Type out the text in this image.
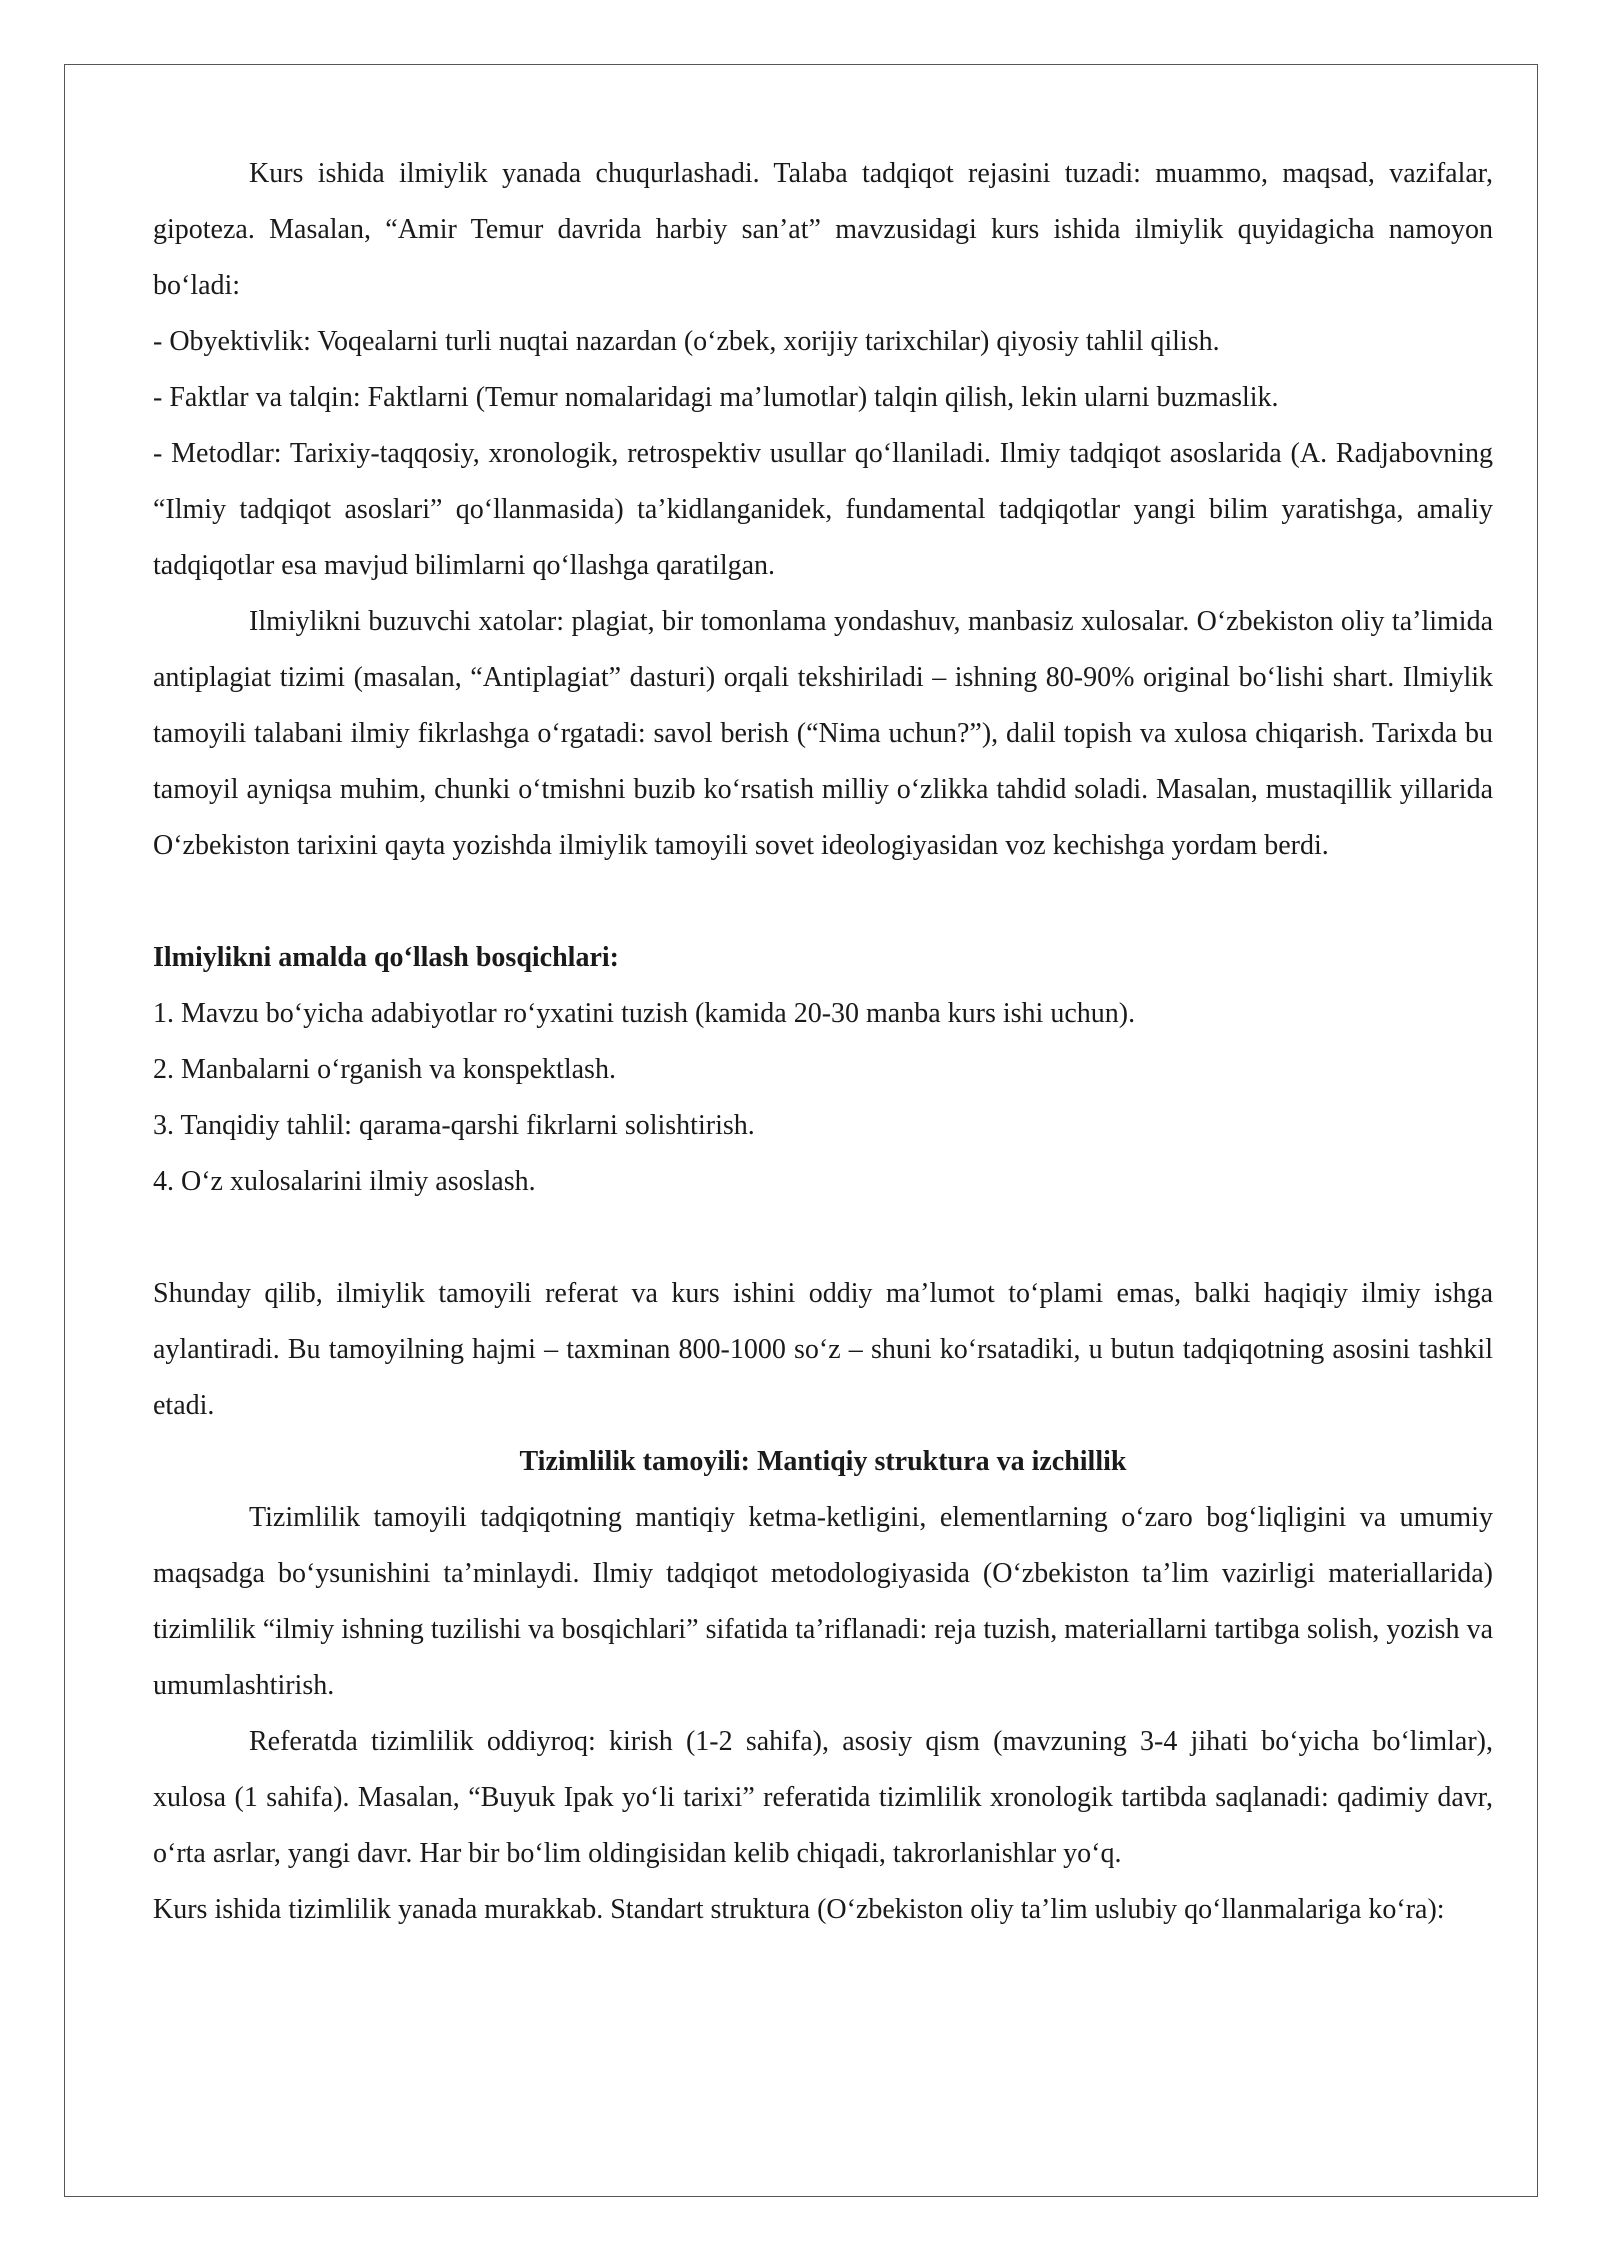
Kurs ishida ilmiylik yanada chuqurlashadi. Talaba tadqiqot rejasini tuzadi: muammo, maqsad, vazifalar, gipoteza. Masalan, “Amir Temur davrida harbiy san’at” mavzusidagi kurs ishida ilmiylik quyidagicha namoyon bo‘ladi:

- Obyektivlik: Voqealarni turli nuqtai nazardan (o‘zbek, xorijiy tarixchilar) qiyosiy tahlil qilish.

- Faktlar va talqin: Faktlarni (Temur nomalaridagi ma’lumotlar) talqin qilish, lekin ularni buzmaslik.

- Metodlar: Tarixiy-taqqosiy, xronologik, retrospektiv usullar qo‘llaniladi. Ilmiy tadqiqot asoslarida (A. Radjabovning “Ilmiy tadqiqot asoslari” qo‘llanmasida) ta’kidlanganidek, fundamental tadqiqotlar yangi bilim yaratishga, amaliy tadqiqotlar esa mavjud bilimlarni qo‘llashga qaratilgan.

Ilmiylikni buzuvchi xatolar: plagiat, bir tomonlama yondashuv, manbasiz xulosalar. O‘zbekiston oliy ta’limida antiplagiat tizimi (masalan, “Antiplagiat” dasturi) orqali tekshiriladi – ishning 80-90% original bo‘lishi shart. Ilmiylik tamoyili talabani ilmiy fikrlashga o‘rgatadi: savol berish (“Nima uchun?”), dalil topish va xulosa chiqarish. Tarixda bu tamoyil ayniqsa muhim, chunki o‘tmishni buzib ko‘rsatish milliy o‘zlikka tahdid soladi. Masalan, mustaqillik yillarida O‘zbekiston tarixini qayta yozishda ilmiylik tamoyili sovet ideologiyasidan voz kechishga yordam berdi.

Ilmiylikni amalda qo‘llash bosqichlari:

1. Mavzu bo‘yicha adabiyotlar ro‘yxatini tuzish (kamida 20-30 manba kurs ishi uchun).

2. Manbalarni o‘rganish va konspektlash.

3. Tanqidiy tahlil: qarama-qarshi fikrlarni solishtirish.

4. O‘z xulosalarini ilmiy asoslash.

Shunday qilib, ilmiylik tamoyili referat va kurs ishini oddiy ma’lumot to‘plami emas, balki haqiqiy ilmiy ishga aylantiradi. Bu tamoyilning hajmi – taxminan 800-1000 so‘z – shuni ko‘rsatadiki, u butun tadqiqotning asosini tashkil etadi.

Tizimlilik tamoyili: Mantiqiy struktura va izchillik

Tizimlilik tamoyili tadqiqotning mantiqiy ketma-ketligini, elementlarning o‘zaro bog‘liqligini va umumiy maqsadga bo‘ysunishini ta’minlaydi. Ilmiy tadqiqot metodologiyasida (O‘zbekiston ta’lim vazirligi materiallarida) tizimlilik “ilmiy ishning tuzilishi va bosqichlari” sifatida ta’riflanadi: reja tuzish, materiallarni tartibga solish, yozish va umumlashtirish.

Referatda tizimlilik oddiyroq: kirish (1-2 sahifa), asosiy qism (mavzuning 3-4 jihati bo‘yicha bo‘limlar), xulosa (1 sahifa). Masalan, “Buyuk Ipak yo‘li tarixi” referatida tizimlilik xronologik tartibda saqlanadi: qadimiy davr, o‘rta asrlar, yangi davr. Har bir bo‘lim oldingisidan kelib chiqadi, takrorlanishlar yo‘q.

Kurs ishida tizimlilik yanada murakkab. Standart struktura (O‘zbekiston oliy ta’lim uslubiy qo‘llanmalariga ko‘ra):
